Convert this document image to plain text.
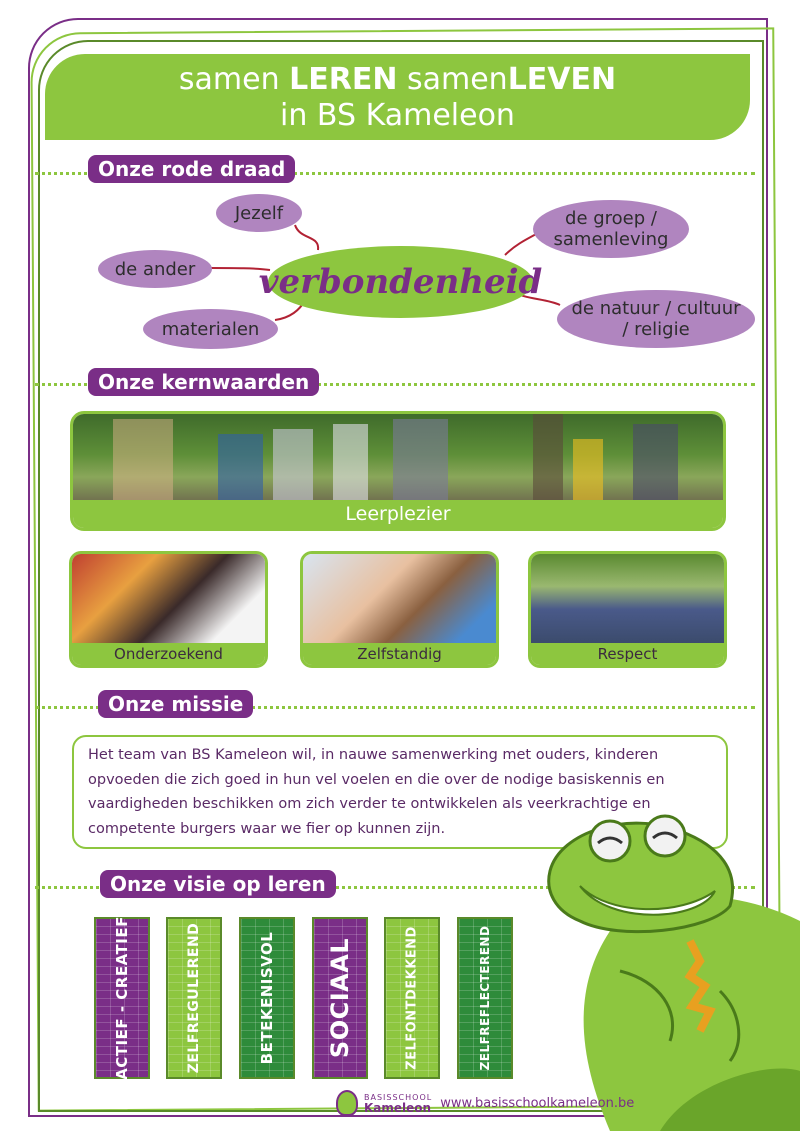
samen LEREN samenLEVEN
in BS Kameleon
Onze rode draad
Jezelf
de ander
materialen
de groep / samenleving
de natuur / cultuur / religie
verbondenheid
Onze kernwaarden
Leerplezier
Onderzoekend	Zelfstandig	Respect
Onze missie
Het team van BS Kameleon wil, in nauwe samenwerking met ouders, kinderen opvoeden die zich goed in hun vel voelen en die over de nodige basiskennis en vaardigheden beschikken om zich verder te ontwikkelen als veerkrachtige en competente burgers waar we fier op kunnen zijn.
Onze visie op leren
ACTIEF - CREATIEF	ZELFREGULEREND	BETEKENISVOL SOCIAAL	ZELFONTDEKKEND	ZELFREFLECTEREND
BASISSCHOOL
Kameleon www.basisschoolkameleon.be
